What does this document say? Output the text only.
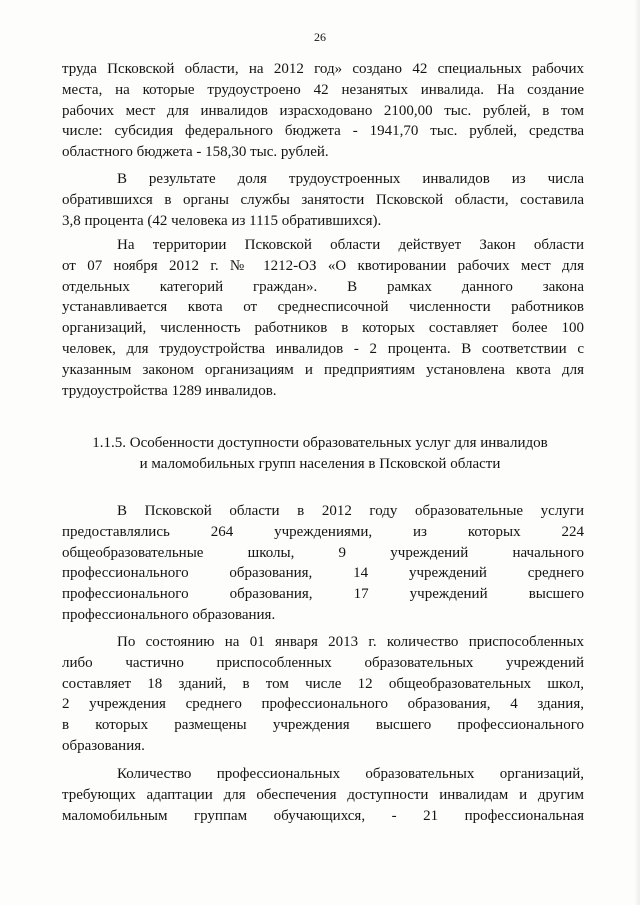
26
труда Псковской области, на 2012 год» создано 42 специальных рабочих
места, на которые трудоустроено 42 незанятых инвалида. На создание
рабочих мест для инвалидов израсходовано 2100,00 тыс. рублей, в том
числе: субсидия федерального бюджета - 1941,70 тыс. рублей, средства
областного бюджета - 158,30 тыс. рублей.
В результате доля трудоустроенных инвалидов из числа
обратившихся в органы службы занятости Псковской области, составила
3,8 процента (42 человека из 1115 обратившихся).
На территории Псковской области действует Закон области
от 07 ноября 2012 г. № 1212-ОЗ «О квотировании рабочих мест для
отдельных категорий граждан». В рамках данного закона
устанавливается квота от среднесписочной численности работников
организаций, численность работников в которых составляет более 100
человек, для трудоустройства инвалидов - 2 процента. В соответствии с
указанным законом организациям и предприятиям установлена квота для
трудоустройства 1289 инвалидов.
1.1.5. Особенности доступности образовательных услуг для инвалидов
и маломобильных групп населения в Псковской области
В Псковской области в 2012 году образовательные услуги
предоставлялись 264 учреждениями, из которых 224
общеобразовательные школы, 9 учреждений начального
профессионального образования, 14 учреждений среднего
профессионального образования, 17 учреждений высшего
профессионального образования.
По состоянию на 01 января 2013 г. количество приспособленных
либо частично приспособленных образовательных учреждений
составляет 18 зданий, в том числе 12 общеобразовательных школ,
2 учреждения среднего профессионального образования, 4 здания,
в которых размещены учреждения высшего профессионального
образования.
Количество профессиональных образовательных организаций,
требующих адаптации для обеспечения доступности инвалидам и другим
маломобильным группам обучающихся, - 21 профессиональная
